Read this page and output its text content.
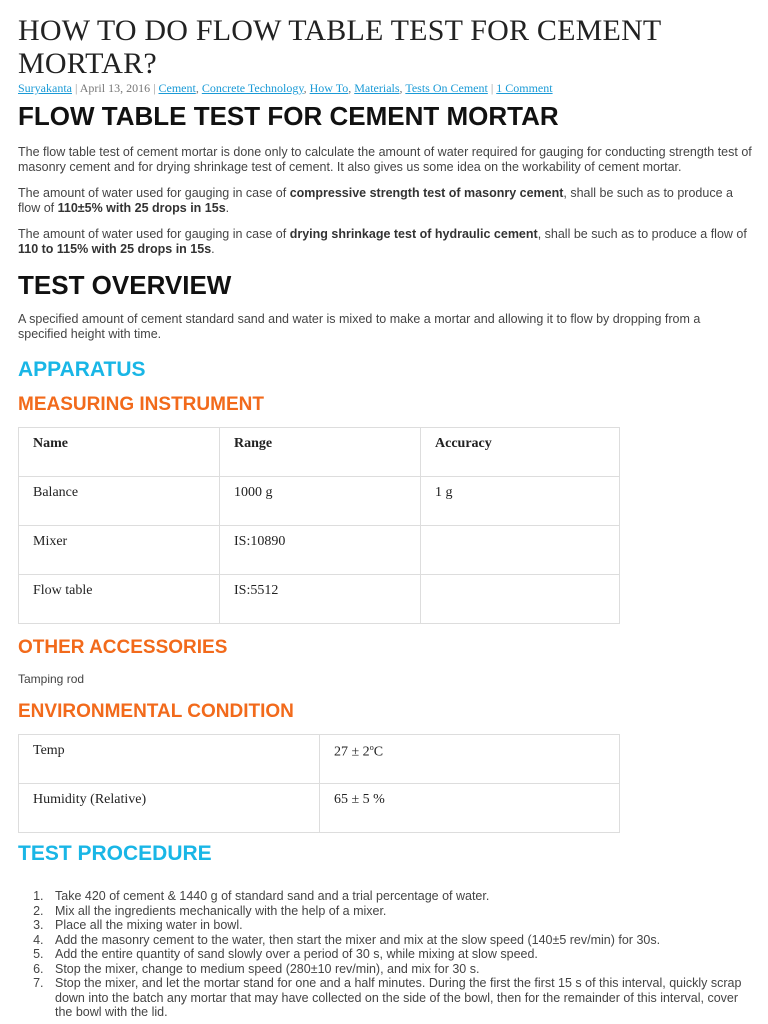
HOW TO DO FLOW TABLE TEST FOR CEMENT MORTAR?
Suryakanta | April 13, 2016 | Cement, Concrete Technology, How To, Materials, Tests On Cement | 1 Comment
FLOW TABLE TEST FOR CEMENT MORTAR

The flow table test of cement mortar is done only to calculate the amount of water required for gauging for conducting strength test of masonry cement and for drying shrinkage test of cement. It also gives us some idea on the workability of cement mortar.

The amount of water used for gauging in case of compressive strength test of masonry cement, shall be such as to produce a flow of 110±5% with 25 drops in 15s.

The amount of water used for gauging in case of drying shrinkage test of hydraulic cement, shall be such as to produce a flow of 110 to 115% with 25 drops in 15s.

TEST OVERVIEW

A specified amount of cement standard sand and water is mixed to make a mortar and allowing it to flow by dropping from a specified height with time.

APPARATUS
MEASURING INSTRUMENT
Name	Range	Accuracy
Balance	1000 g	1 g
Mixer	IS:10890	
Flow table	IS:5512	
OTHER ACCESSORIES
Tamping rod
ENVIRONMENTAL CONDITION
Temp	$27 \pm 2^oC$
Humidity (Relative)	65 ± 5 %
TEST PROCEDURE
1. Take 420 of cement & 1440 g of standard sand and a trial percentage of water.
2. Mix all the ingredients mechanically with the help of a mixer.
3. Place all the mixing water in bowl.
4. Add the masonry cement to the water, then start the mixer and mix at the slow speed (140±5 rev/min) for 30s.
5. Add the entire quantity of sand slowly over a period of 30 s, while mixing at slow speed.
6. Stop the mixer, change to medium speed (280±10 rev/min), and mix for 30 s.
7. Stop the mixer, and let the mortar stand for one and a half minutes. During the first the first 15 s of this interval, quickly scrap down into the batch any mortar that may have collected on the side of the bowl, then for the remainder of this interval, cover the bowl with the lid.
